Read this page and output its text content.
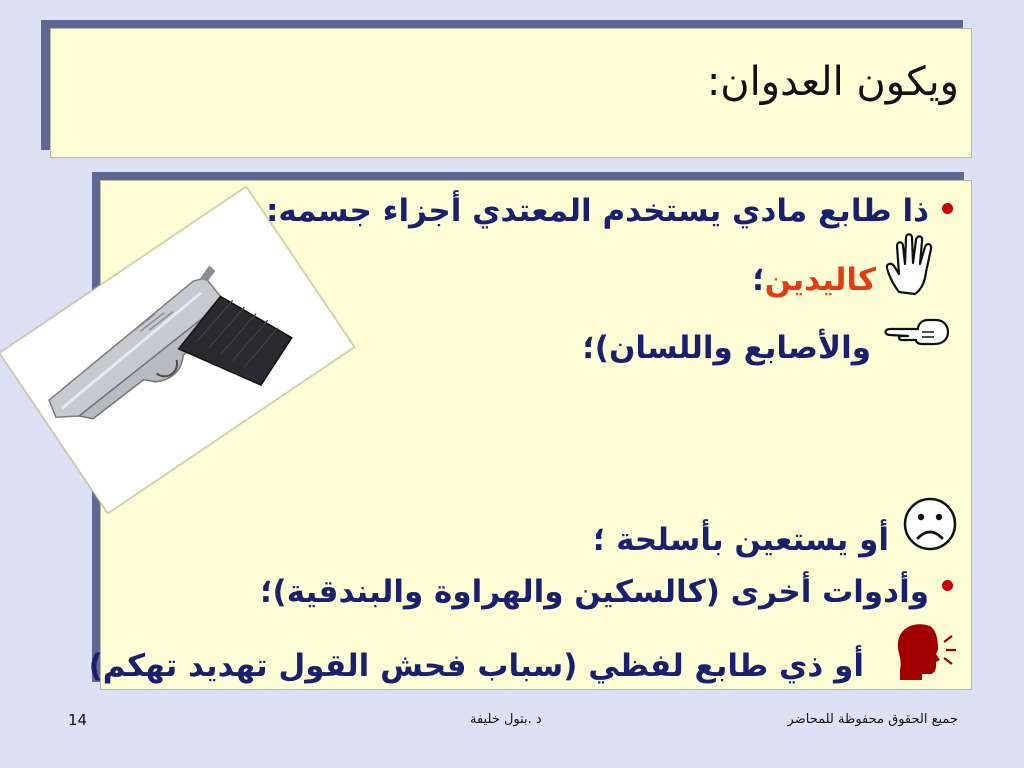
ويكون العدوان:
ذا طابع مادي يستخدم المعتدي أجزاء جسمه:
كاليدين؛
والأصابع واللسان)؛
أو يستعين بأسلحة ؛
وأدوات أخرى (كالسكين والهراوة والبندقية)؛
أو ذي طابع لفظي (سباب فحش القول تهديد تهكم)
14	د .بتول خليفة	جميع الحقوق محفوظة للمحاضر
